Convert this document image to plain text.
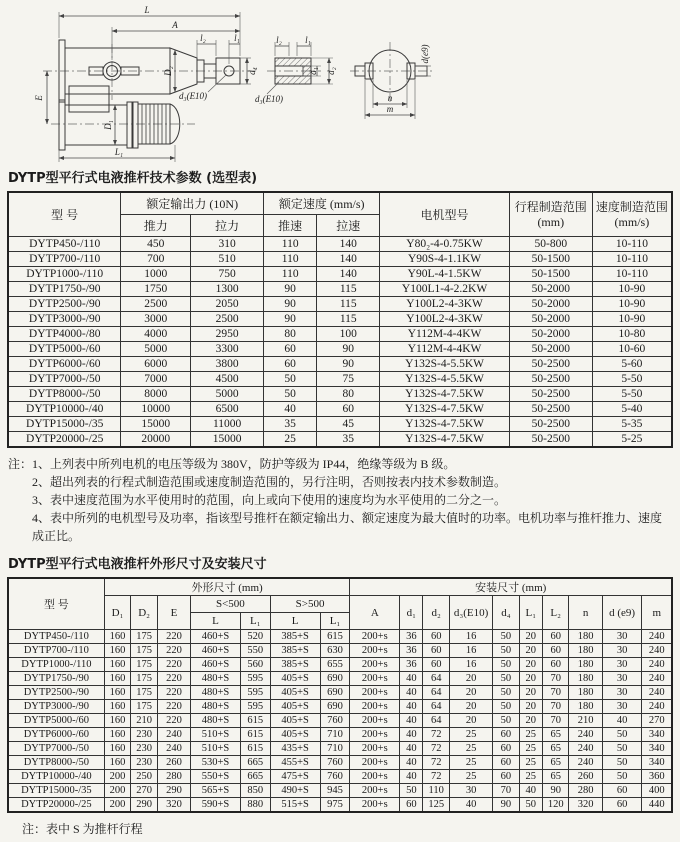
L
A
l₂	l₁
D₂	d₄
d₃(E10)
E
D₁
L₁
l₂	l₁
d₁ d₂
d₃(E10)
d(e9)
n
m
DYTP型平行式电液推杆技术参数 (选型表)
型 号	额定输出力 (10N)		额定速度 (mm/s)		电机型号	行程制造范围
(mm)	速度制造范围
(mm/s)

	推力	拉力	推速	拉速			
DYTP450-/110	450	310	110	140	Y80₂-4-0.75KW	50-800	10-110
DYTP700-/110	700	510	110	140	Y90S-4-1.1KW	50-1500	10-110
DYTP1000-/110	1000	750	110	140	Y90L-4-1.5KW	50-1500	10-110
DYTP1750-/90	1750	1300	90	115	Y100L1-4-2.2KW	50-2000	10-90
DYTP2500-/90	2500	2050	90	115	Y100L2-4-3KW	50-2000	10-90
DYTP3000-/90	3000	2500	90	115	Y100L2-4-3KW	50-2000	10-90
DYTP4000-/80	4000	2950	80	100	Y112M-4-4KW	50-2000	10-80
DYTP5000-/60	5000	3300	60	90	Y112M-4-4KW	50-2000	10-60
DYTP6000-/60	6000	3800	60	90	Y132S-4-5.5KW	50-2500	5-60
DYTP7000-/50	7000	4500	50	75	Y132S-4-5.5KW	50-2500	5-50
DYTP8000-/50	8000	5000	50	80	Y132S-4-7.5KW	50-2500	5-50
DYTP10000-/40	10000	6500	40	60	Y132S-4-7.5KW	50-2500	5-40
DYTP15000-/35	15000	11000	35	45	Y132S-4-7.5KW	50-2500	5-35
DYTP20000-/25	20000	15000	25	35	Y132S-4-7.5KW	50-2500	5-25
注： 1、上列表中所列电机的电压等级为 380V，防护等级为 IP44，绝缘等级为 B 级。
2、超出列表的行程式制造范围或速度制造范围的，另行注明，否则按表内技术参数制造。
3、表中速度范围为水平使用时的范围，向上或向下使用的速度均为水平使用的二分之一。
4、表中所列的电机型号及功率，指该型号推杆在额定输出力、额定速度为最大值时的功率。电机功率与推杆推力、速度成正比。
DYTP型平行式电液推杆外形尺寸及安装尺寸
型 号	外形尺寸 (mm)							安装尺寸 (mm)									
	D₁	D₂	E	S<500		S>500		A	d₁	d₂	d₃(E10)	d₄	L₁	L₂	n	d (e9)	m
				L	L₁	L	L₁										
DYTP450-/110	160	175	220	460+S	520	385+S	615	200+s	36	60	16	50	20	60	180	30	240
DYTP700-/110	160	175	220	460+S	550	385+S	630	200+s	36	60	16	50	20	60	180	30	240
DYTP1000-/110	160	175	220	460+S	560	385+S	655	200+s	36	60	16	50	20	60	180	30	240
DYTP1750-/90	160	175	220	480+S	595	405+S	690	200+s	40	64	20	50	20	70	180	30	240
DYTP2500-/90	160	175	220	480+S	595	405+S	690	200+s	40	64	20	50	20	70	180	30	240
DYTP3000-/90	160	175	220	480+S	595	405+S	690	200+s	40	64	20	50	20	70	180	30	240
DYTP5000-/60	160	210	220	480+S	615	405+S	760	200+s	40	64	20	50	20	70	210	40	270
DYTP6000-/60	160	230	240	510+S	615	405+S	710	200+s	40	72	25	60	25	65	240	50	340
DYTP7000-/50	160	230	240	510+S	615	435+S	710	200+s	40	72	25	60	25	65	240	50	340
DYTP8000-/50	160	230	260	530+S	665	455+S	760	200+s	40	72	25	60	25	65	240	50	340
DYTP10000-/40	200	250	280	550+S	665	475+S	760	200+s	40	72	25	60	25	65	260	50	360
DYTP15000-/35	200	270	290	565+S	850	490+S	945	200+s	50	110	30	70	40	90	280	60	400
DYTP20000-/25	200	290	320	590+S	880	515+S	975	200+s	60	125	40	90	50	120	320	60	440
注：表中 S 为推杆行程
